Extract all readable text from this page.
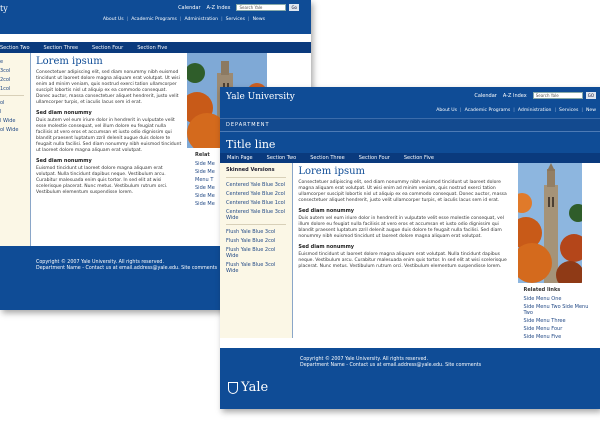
ty	Calendar A-Z Index	Search Yale	Go
About Us | Academic Programs | Administration | Services | News
Section Two	Section Three	Section Four	Section Five
e
3col
2col
1col
ol
l
l Wide
ol Wide
Lorem ipsum

Consectetuer adipiscing elit, sed diam nonummy nibh euismod tincidunt ut laoreet dolore magna aliquam erat volutpat. Ut wisi enim ad minim veniam, quis nostrud exerci tation ullamcorper suscipit lobortis nisl ut aliquip ex ea commodo consequat. Donec auctor, massa consectetuer aliquet hendrerit, justo velit ullamcorper turpis, et iaculis lacus sem id erat.

Sed diam nonummy

Duis autem vel eum iriure dolor in hendrerit in vulputate velit esse molestie consequat, vel illum dolore eu feugiat nulla facilisis at vero eros et accumsan et iusto odio dignissim qui blandit praesent luptatum zzril delenit augue duis dolore te feugait nulla facilisi. Sed diam nonummy nibh euismod tincidunt ut laoreet dolore magna aliquam erat volutpat.

Sed diam nonummy

Euismod tincidunt ut laoreet dolore magna aliquam erat volutpat. Nulla tincidunt dapibus neque. Vestibulum arcu. Curabitur malesuada enim quis tortor. In sed elit at wisi scelerisque placerat. Nunc metus. Vestibulum rutrum orci. Vestibulum elementum suspendisse lorem.

Relat
Side Me
Side Me
Menu T
Side Me
Side Me
Side Me
Copyright © 2007 Yale University. All rights reserved.
Department Name - Contact us at email.address@yale.edu. Site comments
Yale University	Calendar A-Z Index	Search Yale	GO
About Us | Academic Programs | Administration | Services | New
DEPARTMENT
Title line
Main Page	Section Two	Section Three	Section Four	Section Five
Skinned Versions
Centered Yale Blue 3col
Centered Yale Blue 2col
Centered Yale Blue 1col
Centered Yale Blue 3col Wide
Flush Yale Blue 3col
Flush Yale Blue 2col
Flush Yale Blue 2col Wide
Flush Yale Blue 3col Wide
Lorem ipsum

Consectetuer adipiscing elit, sed diam nonummy nibh euismod tincidunt ut laoreet dolore magna aliquam erat volutpat. Ut wisi enim ad minim veniam, quis nostrud exerci tation ullamcorper suscipit lobortis nisl ut aliquip ex ea commodo consequat. Donec auctor, massa consectetuer aliquet hendrerit, justo velit ullamcorper turpis, et iaculis lacus sem id erat.

Sed diam nonummy

Duis autem vel eum iriure dolor in hendrerit in vulputate velit esse molestie consequat, vel illum dolore eu feugiat nulla facilisis at vero eros et accumsan et iusto odio dignissim qui blandit praesent luptatum zzril delenit augue duis dolore te feugait nulla facilisi. Sed diam nonummy nibh euismod tincidunt ut laoreet dolore magna aliquam erat volutpat.

Sed diam nonummy

Euismod tincidunt ut laoreet dolore magna aliquam erat volutpat. Nulla tincidunt dapibus neque. Vestibulum arcu. Curabitur malesuada enim quis tortor. In sed elit at wisi scelerisque placerat. Nunc metus. Vestibulum rutrum orci. Vestibulum elementum suspendisse lorem.

Related links
Side Menu One
Side Menu Two Side Menu Two
Side Menu Three
Side Menu Four
Side Menu Five
Copyright © 2007 Yale University. All rights reserved.
Department Name - Contact us at email.address@yale.edu. Site comments
Yale
